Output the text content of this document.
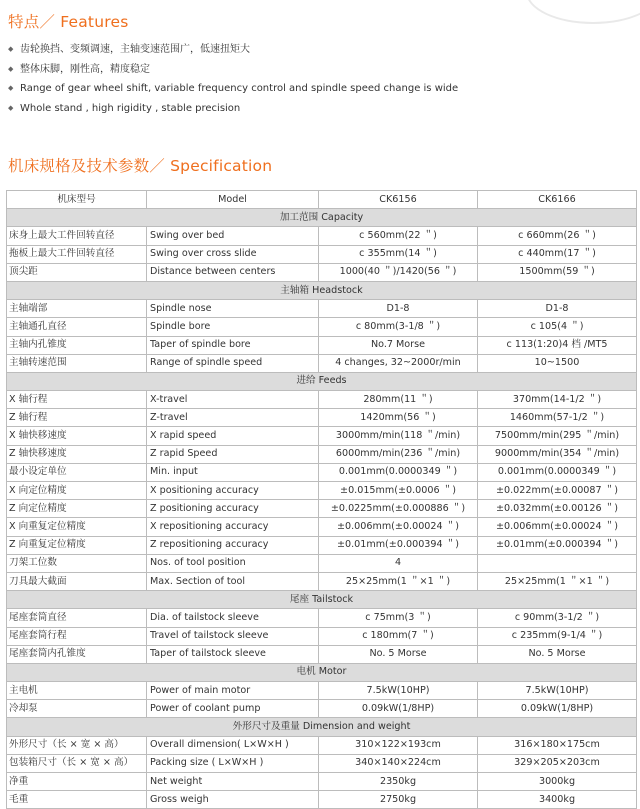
特点／ Features
◆ 齿轮换挡、变频调速，主轴变速范围广，低速扭矩大
◆ 整体床脚，刚性高，精度稳定
◆ Range of gear wheel shift, variable frequency control and spindle speed change is wide
◆ Whole stand , high rigidity , stable precision
机床规格及技术参数／ Specification
机床型号	Model	CK6156	CK6166
加工范围 Capacity			
床身上最大工件回转直径	Swing over bed	ϲ 560mm(22 ＂)	ϲ 660mm(26 ＂)
拖板上最大工件回转直径	Swing over cross slide	ϲ 355mm(14 ＂)	ϲ 440mm(17 ＂)
顶尖距	Distance between centers	1000(40 ＂)/1420(56 ＂)	1500mm(59 ＂)
主轴箱 Headstock			
主轴端部	Spindle nose	D1-8	D1-8
主轴通孔直径	Spindle bore	ϲ 80mm(3-1/8 ＂)	ϲ 105(4 ＂)
主轴内孔锥度	Taper of spindle bore	No.7 Morse	ϲ 113(1:20)4 档 /MT5
主轴转速范围	Range of spindle speed	4 changes, 32~2000r/min	10~1500
进给 Feeds			
X 轴行程	X-travel	280mm(11 ＂)	370mm(14-1/2 ＂)
Z 轴行程	Z-travel	1420mm(56 ＂)	1460mm(57-1/2 ＂)
X 轴快移速度	X rapid speed	3000mm/min(118 ＂/min)	7500mm/min(295 ＂/min)
Z 轴快移速度	Z rapid Speed	6000mm/min(236 ＂/min)	9000mm/min(354 ＂/min)
最小设定单位	Min. input	0.001mm(0.0000349 ＂)	0.001mm(0.0000349 ＂)
X 向定位精度	X positioning accuracy	±0.015mm(±0.0006 ＂)	±0.022mm(±0.00087 ＂)
Z 向定位精度	Z positioning accuracy	±0.0225mm(±0.000886 ＂)	±0.032mm(±0.00126 ＂)
X 向重复定位精度	X repositioning accuracy	±0.006mm(±0.00024 ＂)	±0.006mm(±0.00024 ＂)
Z 向重复定位精度	Z repositioning accuracy	±0.01mm(±0.000394 ＂)	±0.01mm(±0.000394 ＂)
刀架工位数	Nos. of tool position	4	
刀具最大截面	Max. Section of tool	25×25mm(1 ＂×1 ＂)	25×25mm(1 ＂×1 ＂)
尾座 Tailstock			
尾座套筒直径	Dia. of tailstock sleeve	ϲ 75mm(3 ＂)	ϲ 90mm(3-1/2 ＂)
尾座套筒行程	Travel of tailstock sleeve	ϲ 180mm(7 ＂)	ϲ 235mm(9-1/4 ＂)
尾座套筒内孔锥度	Taper of tailstock sleeve	No. 5 Morse	No. 5 Morse
电机 Motor			
主电机	Power of main motor	7.5kW(10HP)	7.5kW(10HP)
冷却泵	Power of coolant pump	0.09kW(1/8HP)	0.09kW(1/8HP)
外形尺寸及重量 Dimension and weight			
外形尺寸（长 × 宽 × 高）	Overall dimension( L×W×H )	310×122×193cm	316×180×175cm
包装箱尺寸（长 × 宽 × 高）	Packing size ( L×W×H )	340×140×224cm	329×205×203cm
净重	Net weight	2350kg	3000kg
毛重	Gross weigh	2750kg	3400kg
